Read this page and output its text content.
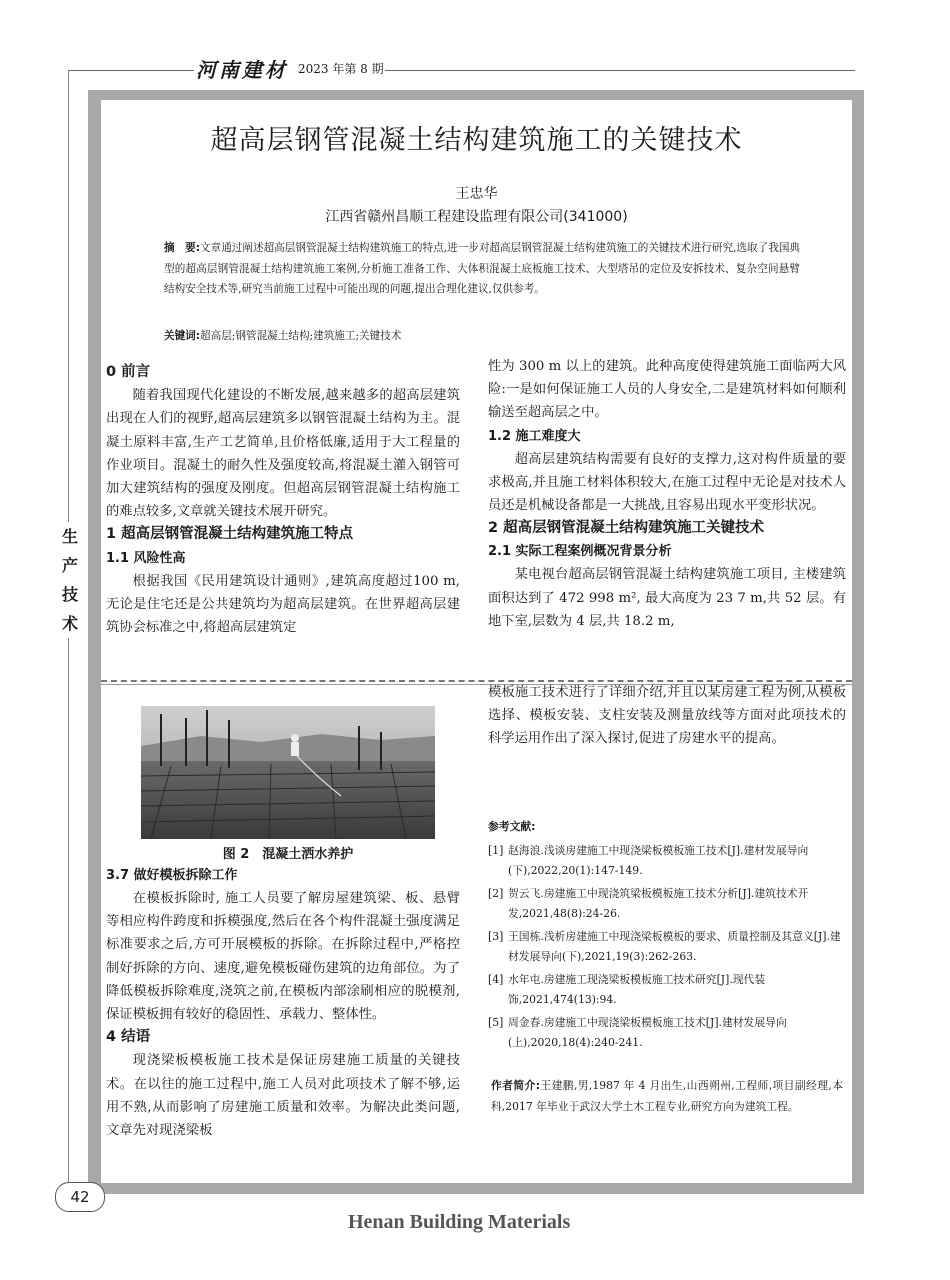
河南建材 2023 年第 8 期
生产技术
超高层钢管混凝土结构建筑施工的关键技术
王忠华
江西省赣州昌顺工程建设监理有限公司(341000)
摘　要:文章通过阐述超高层钢管混凝土结构建筑施工的特点,进一步对超高层钢管混凝土结构建筑施工的关键技术进行研究,选取了我国典型的超高层钢管混凝土结构建筑施工案例,分析施工准备工作、大体积混凝土底板施工技术、大型塔吊的定位及安拆技术、复杂空间悬臂结构安全技术等,研究当前施工过程中可能出现的问题,提出合理化建议,仅供参考。
关键词:超高层;钢管混凝土结构;建筑施工;关键技术
0 前言

随着我国现代化建设的不断发展,越来越多的超高层建筑出现在人们的视野,超高层建筑多以钢管混凝土结构为主。混凝土原料丰富,生产工艺简单,且价格低廉,适用于大工程量的作业项目。混凝土的耐久性及强度较高,将混凝土灌入钢管可加大建筑结构的强度及刚度。但超高层钢管混凝土结构施工的难点较多,文章就关键技术展开研究。

1 超高层钢管混凝土结构建筑施工特点
1.1 风险性高

根据我国《民用建筑设计通则》,建筑高度超过100 m,无论是住宅还是公共建筑均为超高层建筑。在世界超高层建筑协会标准之中,将超高层建筑定

性为 300 m 以上的建筑。此种高度使得建筑施工面临两大风险:一是如何保证施工人员的人身安全,二是建筑材料如何顺利输送至超高层之中。

1.2 施工难度大

超高层建筑结构需要有良好的支撑力,这对构件质量的要求极高,并且施工材料体积较大,在施工过程中无论是对技术人员还是机械设备都是一大挑战,且容易出现水平变形状况。

2 超高层钢管混凝土结构建筑施工关键技术
2.1 实际工程案例概况背景分析

某电视台超高层钢管混凝土结构建筑施工项目, 主楼建筑面积达到了 472 998 m², 最大高度为 23 7 m,共 52 层。有地下室,层数为 4 层,共 18.2 m,

图 2　混凝土洒水养护
3.7 做好模板拆除工作

在模板拆除时, 施工人员要了解房屋建筑梁、板、悬臂等相应构件跨度和拆模强度,然后在各个构件混凝土强度满足标准要求之后,方可开展模板的拆除。在拆除过程中,严格控制好拆除的方向、速度,避免模板碰伤建筑的边角部位。为了降低模板拆除难度,浇筑之前,在模板内部涂刷相应的脱模剂,保证模板拥有较好的稳固性、承载力、整体性。

4 结语

现浇梁板模板施工技术是保证房建施工质量的关键技术。在以往的施工过程中,施工人员对此项技术了解不够,运用不熟,从而影响了房建施工质量和效率。为解决此类问题,文章先对现浇梁板

模板施工技术进行了详细介绍,并且以某房建工程为例,从模板选择、模板安装、支柱安装及测量放线等方面对此项技术的科学运用作出了深入探讨,促进了房建水平的提高。

参考文献:
[1] 赵海浪.浅谈房建施工中现浇梁板模板施工技术[J].建材发展导向(下),2022,20(1):147-149.
[2] 贺云飞.房建施工中现浇筑梁板模板施工技术分析[J].建筑技术开发,2021,48(8):24-26.
[3] 王国栋.浅析房建施工中现浇梁板模板的要求、质量控制及其意义[J].建材发展导向(下),2021,19(3):262-263.
[4] 水年屯.房建施工现浇梁板模板施工技术研究[J].现代装饰,2021,474(13):94.
[5] 周金春.房建施工中现浇梁板模板施工技术[J].建材发展导向(上),2020,18(4):240-241.
作者简介:王建鹏,男,1987 年 4 月出生,山西朔州,工程师,项目副经理,本科,2017 年毕业于武汉大学土木工程专业,研究方向为建筑工程。
42
Henan Building Materials
